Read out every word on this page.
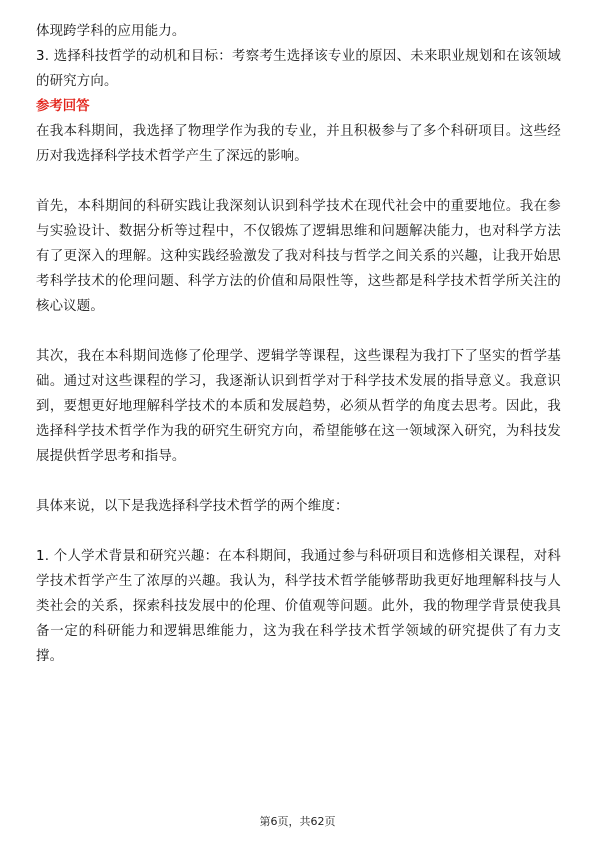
体现跨学科的应用能力。

3. 选择科技哲学的动机和目标：考察考生选择该专业的原因、未来职业规划和在该领域的研究方向。

参考回答

在我本科期间，我选择了物理学作为我的专业，并且积极参与了多个科研项目。这些经历对我选择科学技术哲学产生了深远的影响。

首先，本科期间的科研实践让我深刻认识到科学技术在现代社会中的重要地位。我在参与实验设计、数据分析等过程中，不仅锻炼了逻辑思维和问题解决能力，也对科学方法有了更深入的理解。这种实践经验激发了我对科技与哲学之间关系的兴趣，让我开始思考科学技术的伦理问题、科学方法的价值和局限性等，这些都是科学技术哲学所关注的核心议题。

其次，我在本科期间选修了伦理学、逻辑学等课程，这些课程为我打下了坚实的哲学基础。通过对这些课程的学习，我逐渐认识到哲学对于科学技术发展的指导意义。我意识到，要想更好地理解科学技术的本质和发展趋势，必须从哲学的角度去思考。因此，我选择科学技术哲学作为我的研究生研究方向，希望能够在这一领域深入研究，为科技发展提供哲学思考和指导。

具体来说，以下是我选择科学技术哲学的两个维度：

1. 个人学术背景和研究兴趣：在本科期间，我通过参与科研项目和选修相关课程，对科学技术哲学产生了浓厚的兴趣。我认为，科学技术哲学能够帮助我更好地理解科技与人类社会的关系，探索科技发展中的伦理、价值观等问题。此外，我的物理学背景使我具备一定的科研能力和逻辑思维能力，这为我在科学技术哲学领域的研究提供了有力支撑。

第6页，共62页
